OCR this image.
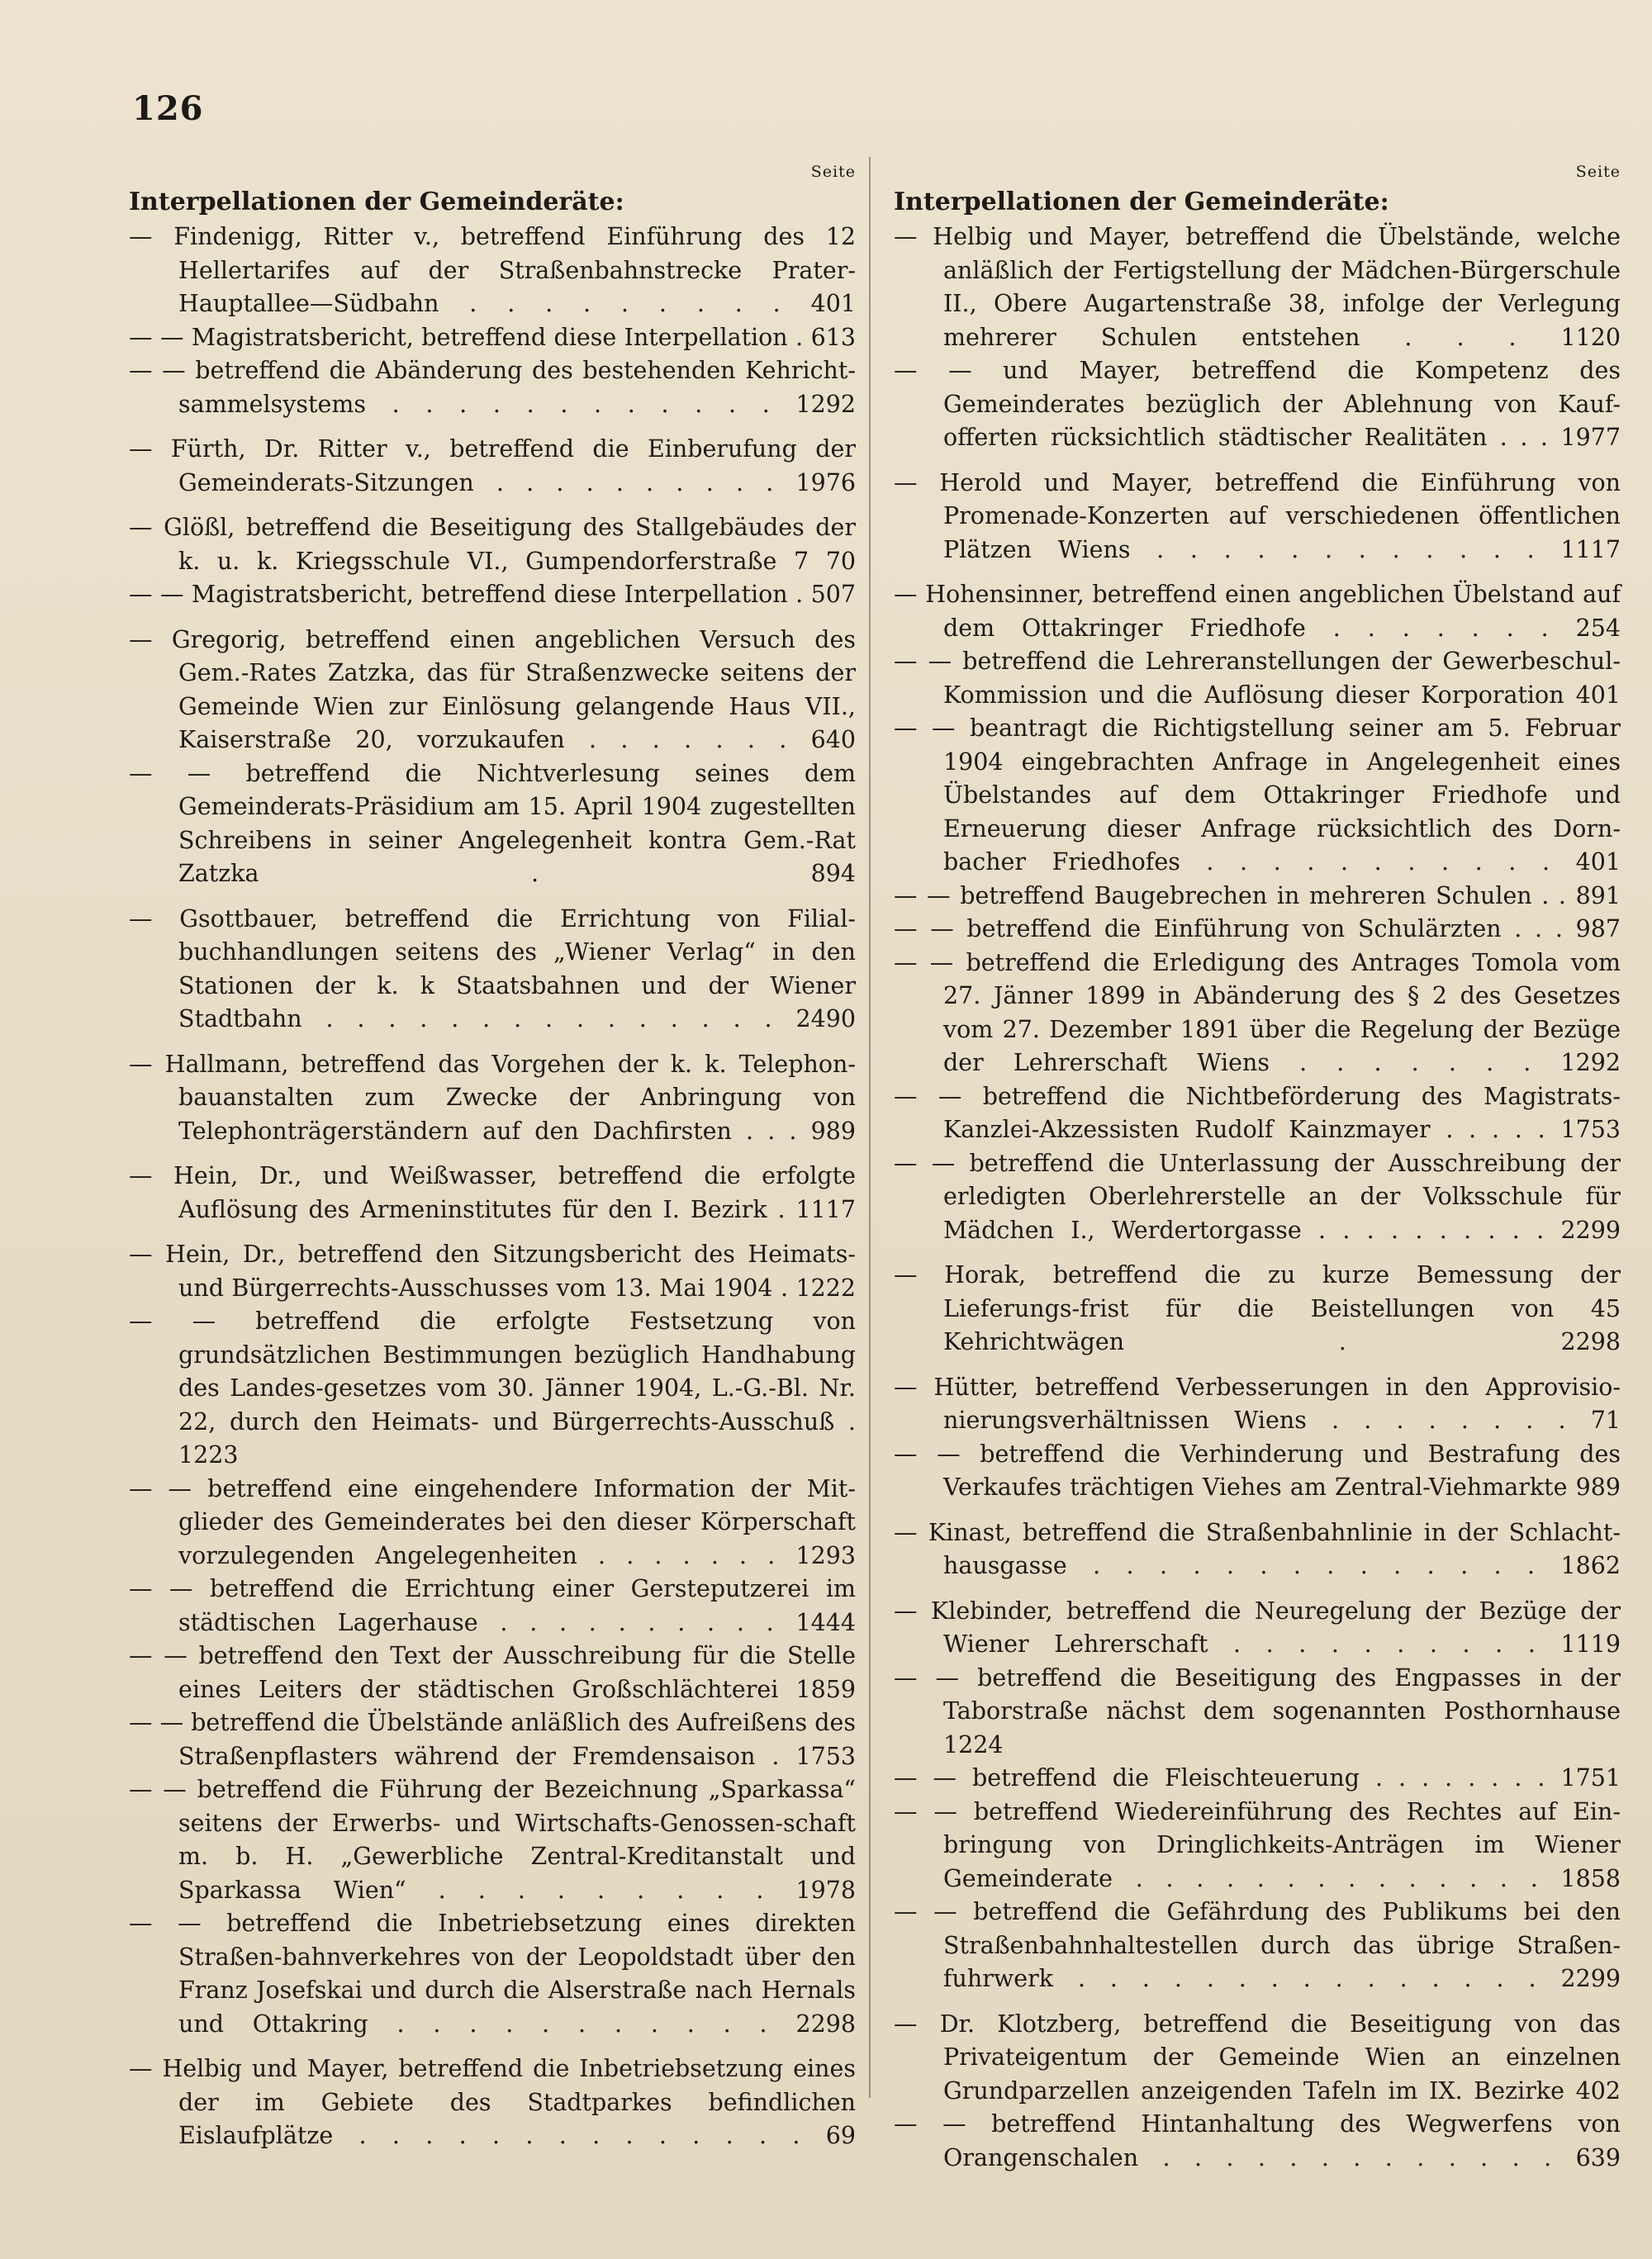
126
Seite
Interpellationen der Gemeinderäte:

— Findenigg, Ritter v., betreffend Einführung des 12 Hellertarifes auf der Straßenbahnstrecke Prater-Hauptallee—Südbahn . . . . . . . . . 401

— — Magistratsbericht, betreffend diese Interpellation . 613

— — betreffend die Abänderung des bestehenden Kehricht-sammelsystems . . . . . . . . . . . . 1292

— Fürth, Dr. Ritter v., betreffend die Einberufung der Gemeinderats-Sitzungen . . . . . . . . . . 1976

— Glößl, betreffend die Beseitigung des Stallgebäudes der k. u. k. Kriegsschule VI., Gumpendorferstraße 7 70

— — Magistratsbericht, betreffend diese Interpellation . 507

— Gregorig, betreffend einen angeblichen Versuch des Gem.-Rates Zatzka, das für Straßenzwecke seitens der Gemeinde Wien zur Einlösung gelangende Haus VII., Kaiserstraße 20, vorzukaufen . . . . . . . 640

— — betreffend die Nichtverlesung seines dem Gemeinderats-Präsidium am 15. April 1904 zugestellten Schreibens in seiner Angelegenheit kontra Gem.-Rat Zatzka . 894

— Gsottbauer, betreffend die Errichtung von Filial-buchhandlungen seitens des „Wiener Verlag“ in den Stationen der k. k Staatsbahnen und der Wiener Stadtbahn . . . . . . . . . . . . . . . 2490

— Hallmann, betreffend das Vorgehen der k. k. Telephon-bauanstalten zum Zwecke der Anbringung von Telephonträgerständern auf den Dachfirsten . . . 989

— Hein, Dr., und Weißwasser, betreffend die erfolgte Auflösung des Armeninstitutes für den I. Bezirk . 1117

— Hein, Dr., betreffend den Sitzungsbericht des Heimats- und Bürgerrechts-Ausschusses vom 13. Mai 1904 . 1222

— — betreffend die erfolgte Festsetzung von grundsätzlichen Bestimmungen bezüglich Handhabung des Landes-gesetzes vom 30. Jänner 1904, L.-G.-Bl. Nr. 22, durch den Heimats- und Bürgerrechts-Ausschuß . 1223

— — betreffend eine eingehendere Information der Mit-glieder des Gemeinderates bei den dieser Körperschaft vorzulegenden Angelegenheiten . . . . . . . 1293

— — betreffend die Errichtung einer Gersteputzerei im städtischen Lagerhause . . . . . . . . . . 1444

— — betreffend den Text der Ausschreibung für die Stelle eines Leiters der städtischen Großschlächterei 1859

— — betreffend die Übelstände anläßlich des Aufreißens des Straßenpflasters während der Fremdensaison . 1753

— — betreffend die Führung der Bezeichnung „Sparkassa“ seitens der Erwerbs- und Wirtschafts-Genossen-schaft m. b. H. „Gewerbliche Zentral-Kreditanstalt und Sparkassa Wien“ . . . . . . . . . 1978

— — betreffend die Inbetriebsetzung eines direkten Straßen-bahnverkehres von der Leopoldstadt über den Franz Josefskai und durch die Alserstraße nach Hernals und Ottakring . . . . . . . . . . . 2298

— Helbig und Mayer, betreffend die Inbetriebsetzung eines der im Gebiete des Stadtparkes befindlichen Eislaufplätze . . . . . . . . . . . . . . 69

Seite
Interpellationen der Gemeinderäte:

— Helbig und Mayer, betreffend die Übelstände, welche anläßlich der Fertigstellung der Mädchen-Bürgerschule II., Obere Augartenstraße 38, infolge der Verlegung mehrerer Schulen entstehen . . . 1120

— — und Mayer, betreffend die Kompetenz des Gemeinderates bezüglich der Ablehnung von Kauf-offerten rücksichtlich städtischer Realitäten . . . 1977

— Herold und Mayer, betreffend die Einführung von Promenade-Konzerten auf verschiedenen öffentlichen Plätzen Wiens . . . . . . . . . . . . 1117

— Hohensinner, betreffend einen angeblichen Übelstand auf dem Ottakringer Friedhofe . . . . . . . 254

— — betreffend die Lehreranstellungen der Gewerbeschul-Kommission und die Auflösung dieser Korporation 401

— — beantragt die Richtigstellung seiner am 5. Februar 1904 eingebrachten Anfrage in Angelegenheit eines Übelstandes auf dem Ottakringer Friedhofe und Erneuerung dieser Anfrage rücksichtlich des Dorn-bacher Friedhofes . . . . . . . . . . . 401

— — betreffend Baugebrechen in mehreren Schulen . . 891

— — betreffend die Einführung von Schulärzten . . . 987

— — betreffend die Erledigung des Antrages Tomola vom 27. Jänner 1899 in Abänderung des § 2 des Gesetzes vom 27. Dezember 1891 über die Regelung der Bezüge der Lehrerschaft Wiens . . . . . . . 1292

— — betreffend die Nichtbeförderung des Magistrats-Kanzlei-Akzessisten Rudolf Kainzmayer . . . . . 1753

— — betreffend die Unterlassung der Ausschreibung der erledigten Oberlehrerstelle an der Volksschule für Mädchen I., Werdertorgasse . . . . . . . . . . 2299

— Horak, betreffend die zu kurze Bemessung der Lieferungs-frist für die Beistellungen von 45 Kehrichtwägen . 2298

— Hütter, betreffend Verbesserungen in den Approvisio-nierungsverhältnissen Wiens . . . . . . . . 71

— — betreffend die Verhinderung und Bestrafung des Verkaufes trächtigen Viehes am Zentral-Viehmarkte 989

— Kinast, betreffend die Straßenbahnlinie in der Schlacht-hausgasse . . . . . . . . . . . . . . 1862

— Klebinder, betreffend die Neuregelung der Bezüge der Wiener Lehrerschaft . . . . . . . . . . 1119

— — betreffend die Beseitigung des Engpasses in der Taborstraße nächst dem sogenannten Posthornhause 1224

— — betreffend die Fleischteuerung . . . . . . . . 1751

— — betreffend Wiedereinführung des Rechtes auf Ein-bringung von Dringlichkeits-Anträgen im Wiener Gemeinderate . . . . . . . . . . . . . . 1858

— — betreffend die Gefährdung des Publikums bei den Straßenbahnhaltestellen durch das übrige Straßen-fuhrwerk . . . . . . . . . . . . . . . 2299

— Dr. Klotzberg, betreffend die Beseitigung von das Privateigentum der Gemeinde Wien an einzelnen Grundparzellen anzeigenden Tafeln im IX. Bezirke 402

— — betreffend Hintanhaltung des Wegwerfens von Orangenschalen . . . . . . . . . . . . . 639
